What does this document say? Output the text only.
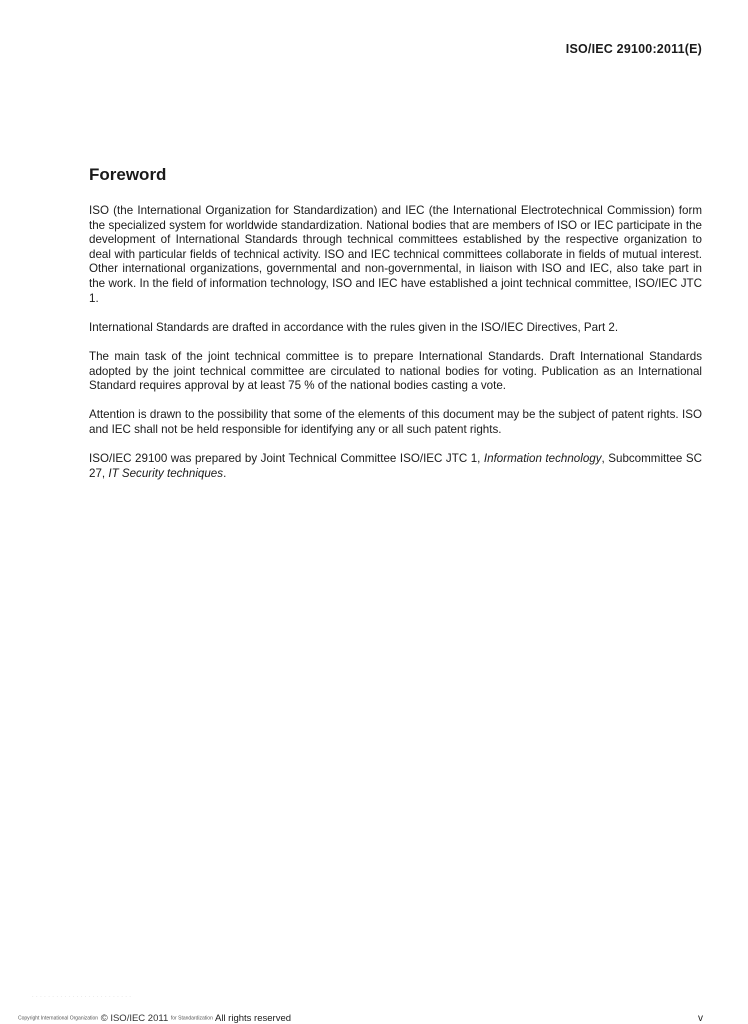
ISO/IEC 29100:2011(E)
Foreword

ISO (the International Organization for Standardization) and IEC (the International Electrotechnical Commission) form the specialized system for worldwide standardization. National bodies that are members of ISO or IEC participate in the development of International Standards through technical committees established by the respective organization to deal with particular fields of technical activity. ISO and IEC technical committees collaborate in fields of mutual interest. Other international organizations, governmental and non-governmental, in liaison with ISO and IEC, also take part in the work. In the field of information technology, ISO and IEC have established a joint technical committee, ISO/IEC JTC 1.

International Standards are drafted in accordance with the rules given in the ISO/IEC Directives, Part 2.

The main task of the joint technical committee is to prepare International Standards. Draft International Standards adopted by the joint technical committee are circulated to national bodies for voting. Publication as an International Standard requires approval by at least 75 % of the national bodies casting a vote.

Attention is drawn to the possibility that some of the elements of this document may be the subject of patent rights. ISO and IEC shall not be held responsible for identifying any or all such patent rights.

ISO/IEC 29100 was prepared by Joint Technical Committee ISO/IEC JTC 1, Information technology, Subcommittee SC 27, IT Security techniques.

· · · · · · · · · · · · · · · · · · · · · · · · ·
Copyright International Organization © ISO/IEC 2011 for Standardization All rights reserved	v
